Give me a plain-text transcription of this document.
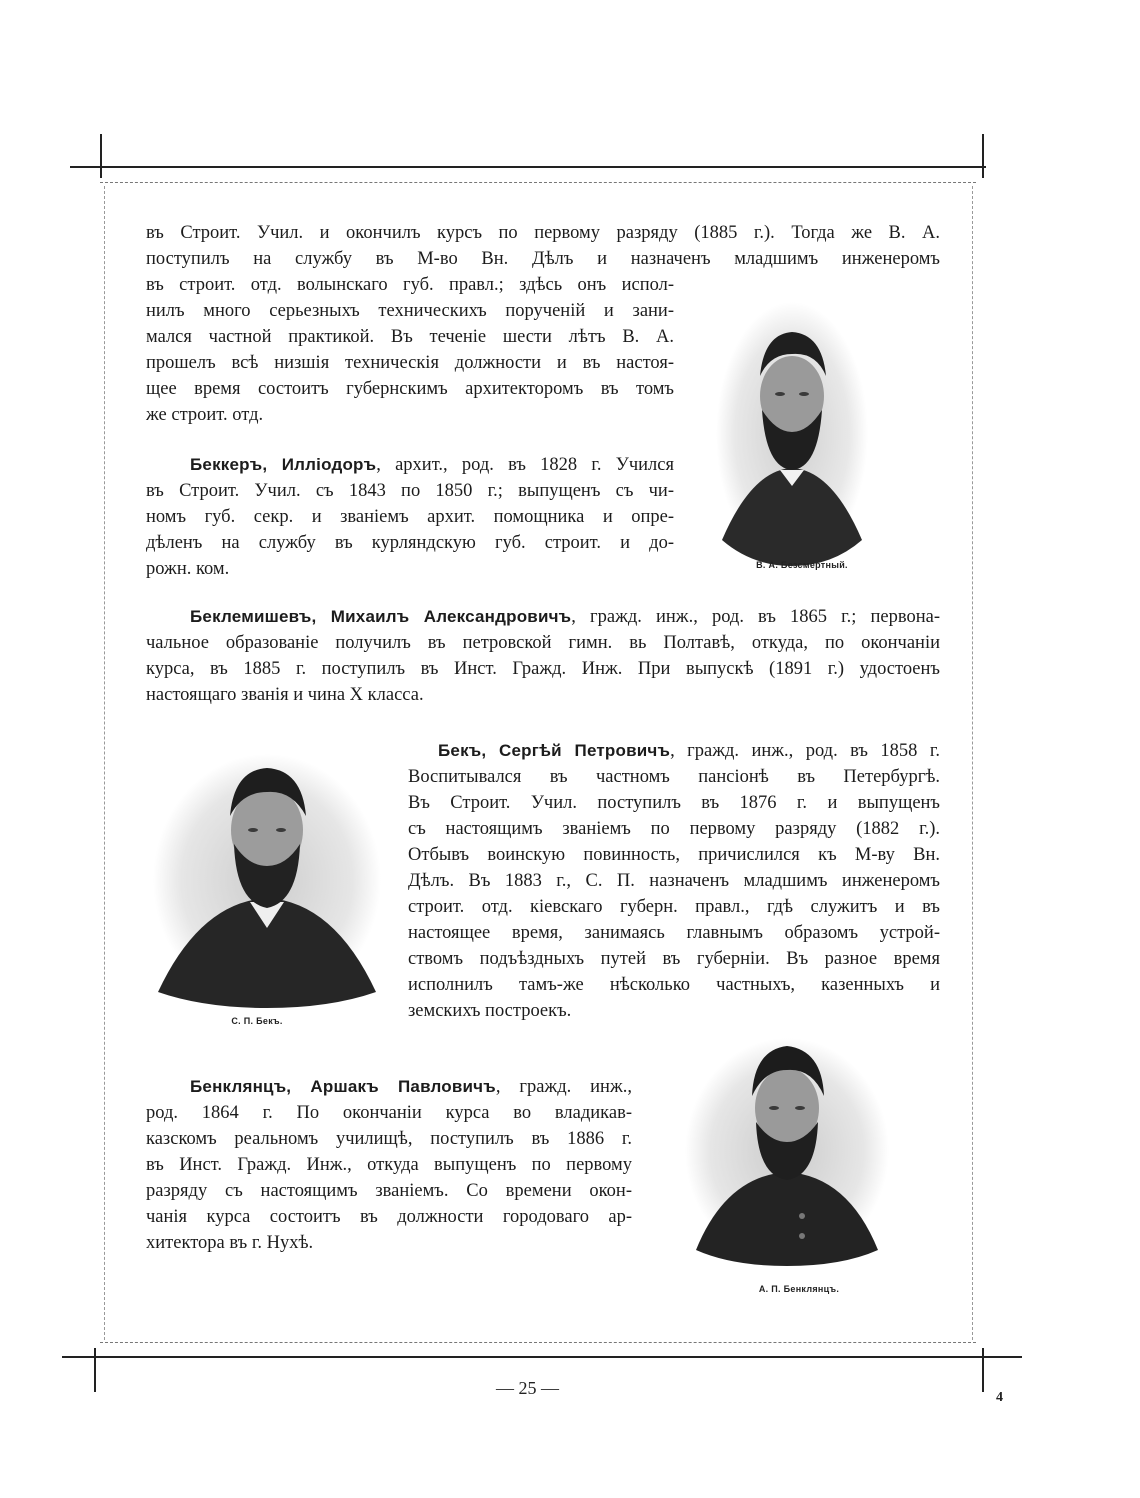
въ Строит. Учил. и окончилъ курсъ по первому разряду (1885 г.). Тогда же В. А.
поступилъ на службу въ М-во Вн. Дѣлъ и назначенъ младшимъ инженеромъ
въ строит. отд. волынскаго губ. правл.; здѣсь онъ испол-
нилъ много серьезныхъ техническихъ порученій и зани-
мался частной практикой. Въ теченіе шести лѣтъ В. А.
прошелъ всѣ низшія техническія должности и въ настоя-
щее время состоитъ губернскимъ архитекторомъ въ томъ
же строит. отд.
Беккеръ, Иллiодоръ, архит., род. въ 1828 г. Учился
въ Строит. Учил. съ 1843 по 1850 г.; выпущенъ съ чи-
номъ губ. секр. и званіемъ архит. помощника и опре-
дѣленъ на службу въ курляндскую губ. строит. и до-
рожн. ком.	В. А. Безсмертный.
Беклемишевъ, Михаилъ Александровичъ, гражд. инж., род. въ 1865 г.; первона-
чальное образованіе получилъ въ петровской гимн. вь Полтавѣ, откуда, по окончаніи
курса, въ 1885 г. поступилъ въ Инст. Гражд. Инж. При выпускѣ (1891 г.) удостоенъ
настоящаго званія и чина X класса.
С. П. Бекъ.
Бекъ, Сергѣй Петровичъ, гражд. инж., род. въ 1858 г.
Воспитывался въ частномъ пансіонѣ въ Петербургѣ.
Въ Строит. Учил. поступилъ въ 1876 г. и выпущенъ
съ настоящимъ званіемъ по первому разряду (1882 г.).
Отбывъ воинскую повинность, причислился къ М-ву Вн.
Дѣлъ. Въ 1883 г., С. П. назначенъ младшимъ инженеромъ
строит. отд. кіевскаго губерн. правл., гдѣ служитъ и въ
настоящее время, занимаясь главнымъ образомъ устрой-
ствомъ подъѣздныхъ путей въ губерніи. Въ разное время
исполнилъ тамъ-же нѣсколько частныхъ, казенныхъ и
земскихъ построекъ.
Бенклянцъ, Аршакъ Павловичъ, гражд. инж.,
род. 1864 г. По окончаніи курса во владикав-
казскомъ реальномъ училищѣ, поступилъ въ 1886 г.
въ Инст. Гражд. Инж., откуда выпущенъ по первому
разряду съ настоящимъ званіемъ. Со времени окон-
чанія курса состоитъ въ должности городоваго ар-
хитектора въ г. Нухѣ.
А. П. Бенклянцъ.
— 25 —	4
